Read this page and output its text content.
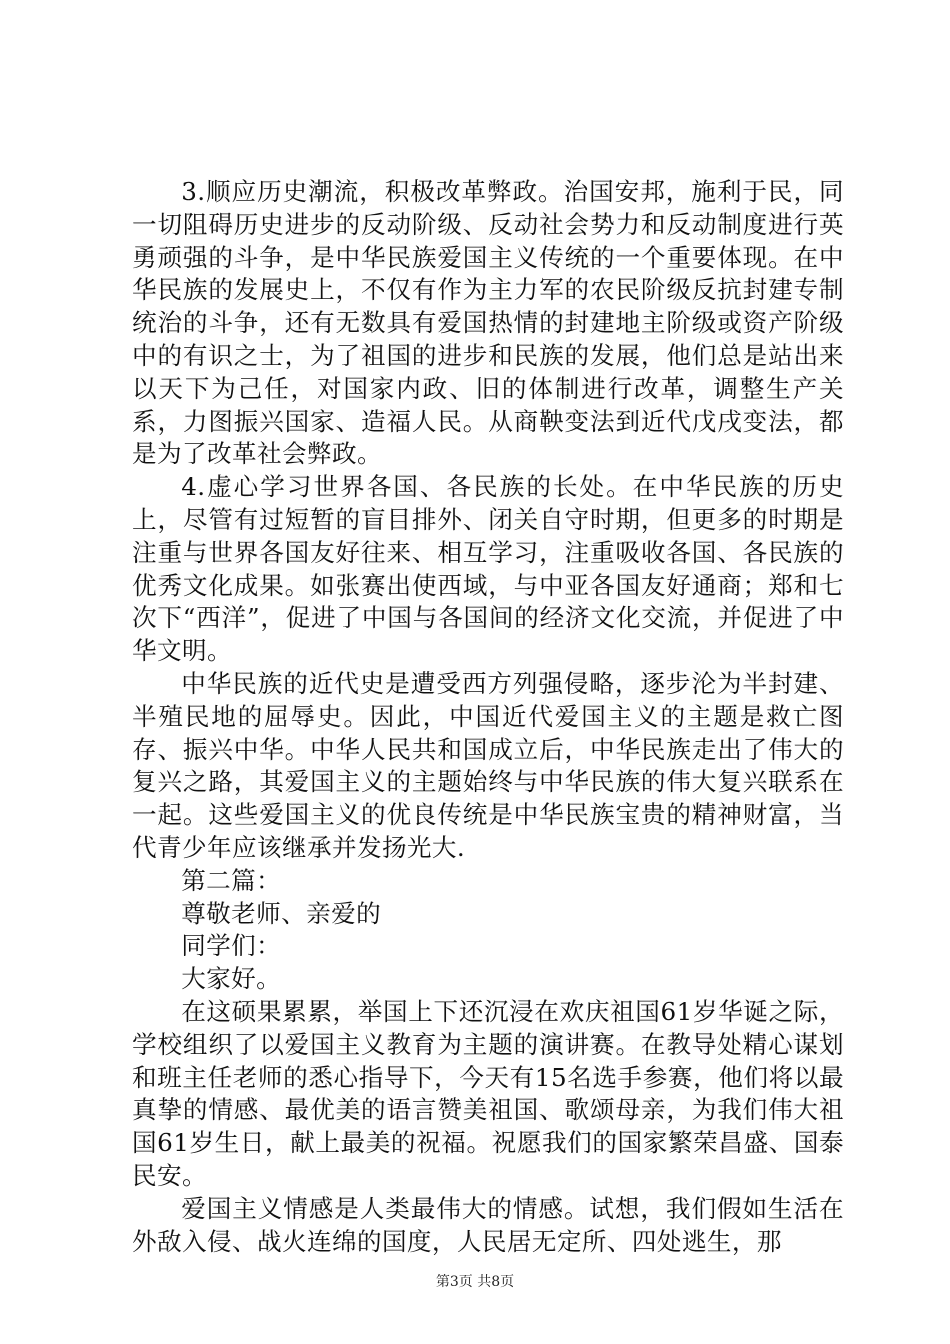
3.顺应历史潮流，积极改革弊政。治国安邦，施利于民，同一切阻碍历史进步的反动阶级、反动社会势力和反动制度进行英勇顽强的斗争，是中华民族爱国主义传统的一个重要体现。在中华民族的发展史上，不仅有作为主力军的农民阶级反抗封建专制统治的斗争，还有无数具有爱国热情的封建地主阶级或资产阶级中的有识之士，为了祖国的进步和民族的发展，他们总是站出来以天下为己任，对国家内政、旧的体制进行改革，调整生产关系，力图振兴国家、造福人民。从商鞅变法到近代戊戌变法，都是为了改革社会弊政。

4.虚心学习世界各国、各民族的长处。在中华民族的历史上，尽管有过短暂的盲目排外、闭关自守时期，但更多的时期是注重与世界各国友好往来、相互学习，注重吸收各国、各民族的优秀文化成果。如张赛出使西域，与中亚各国友好通商；郑和七次下“西洋”，促进了中国与各国间的经济文化交流，并促进了中华文明。

中华民族的近代史是遭受西方列强侵略，逐步沦为半封建、半殖民地的屈辱史。因此，中国近代爱国主义的主题是救亡图存、振兴中华。中华人民共和国成立后，中华民族走出了伟大的复兴之路，其爱国主义的主题始终与中华民族的伟大复兴联系在一起。这些爱国主义的优良传统是中华民族宝贵的精神财富，当代青少年应该继承并发扬光大.

第二篇：

尊敬老师、亲爱的

同学们：

大家好。

在这硕果累累，举国上下还沉浸在欢庆祖国61岁华诞之际，学校组织了以爱国主义教育为主题的演讲赛。在教导处精心谋划和班主任老师的悉心指导下，今天有15名选手参赛，他们将以最真挚的情感、最优美的语言赞美祖国、歌颂母亲，为我们伟大祖国61岁生日，献上最美的祝福。祝愿我们的国家繁荣昌盛、国泰民安。

爱国主义情感是人类最伟大的情感。试想，我们假如生活在外敌入侵、战火连绵的国度，人民居无定所、四处逃生，那

第3页 共8页
